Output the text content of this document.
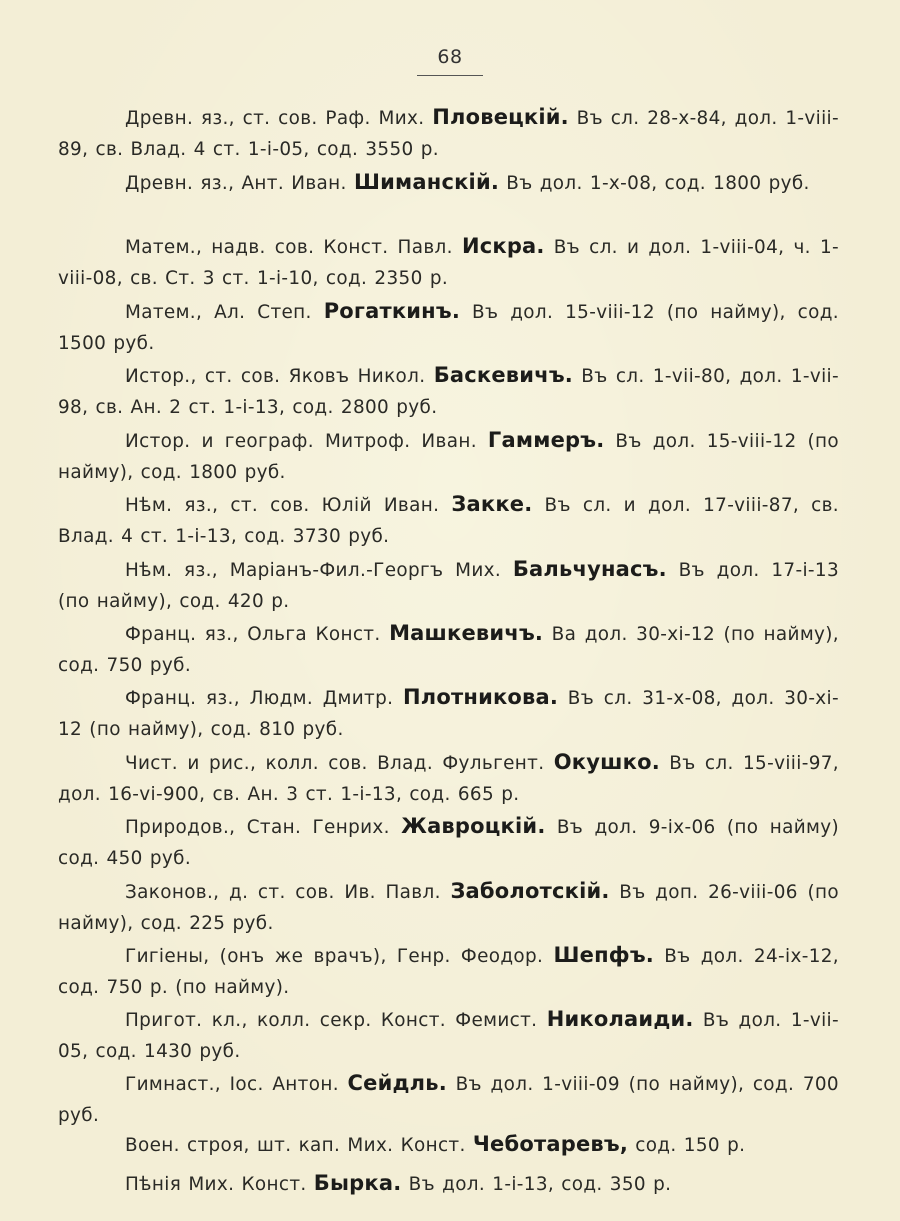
68
Древн. яз., ст. сов. Раф. Мих. Пловецкій. Въ сл. 28-x-84, дол. 1-viii-89, св. Влад. 4 ст. 1-i-05, сод. 3550 р.
Древн. яз., Ант. Иван. Шиманскій. Въ дол. 1-x-08, сод. 1800 руб.
Матем., надв. сов. Конст. Павл. Искра. Въ сл. и дол. 1-viii-04, ч. 1-viii-08, св. Ст. 3 ст. 1-i-10, сод. 2350 р.
Матем., Ал. Степ. Рогаткинъ. Въ дол. 15-viii-12 (по найму), сод. 1500 руб.
Истор., ст. сов. Яковъ Никол. Баскевичъ. Въ сл. 1-vii-80, дол. 1-vii-98, св. Ан. 2 ст. 1-i-13, сод. 2800 руб.
Истор. и географ. Митроф. Иван. Гаммеръ. Въ дол. 15-viii-12 (по найму), сод. 1800 руб.
Нѣм. яз., ст. сов. Юлій Иван. Закке. Въ сл. и дол. 17-viii-87, св. Влад. 4 ст. 1-i-13, сод. 3730 руб.
Нѣм. яз., Маріанъ-Фил.-Георгъ Мих. Бальчунасъ. Въ дол. 17-i-13 (по найму), сод. 420 р.
Франц. яз., Ольга Конст. Машкевичъ. Ва дол. 30-xi-12 (по найму), сод. 750 руб.
Франц. яз., Людм. Дмитр. Плотникова. Въ сл. 31-x-08, дол. 30-xi-12 (по найму), сод. 810 руб.
Чист. и рис., колл. сов. Влад. Фульгент. Окушко. Въ сл. 15-viii-97, дол. 16-vi-900, св. Ан. 3 ст. 1-i-13, сод. 665 р.
Природов., Стан. Генрих. Жавроцкій. Въ дол. 9-ix-06 (по найму) сод. 450 руб.
Законов., д. ст. сов. Ив. Павл. Заболотскій. Въ доп. 26-viii-06 (по найму), сод. 225 руб.
Гигіены, (онъ же врачъ), Генр. Феодор. Шепфъ. Въ дол. 24-ix-12, сод. 750 р. (по найму).
Пригот. кл., колл. секр. Конст. Фемист. Николаиди. Въ дол. 1-vii-05, сод. 1430 руб.
Гимнаст., Іос. Антон. Сейдль. Въ дол. 1-viii-09 (по найму), сод. 700 руб.
Воен. строя, шт. кап. Мих. Конст. Чеботаревъ, сод. 150 р.
Пѣнія Мих. Конст. Бырка. Въ дол. 1-i-13, сод. 350 р.
